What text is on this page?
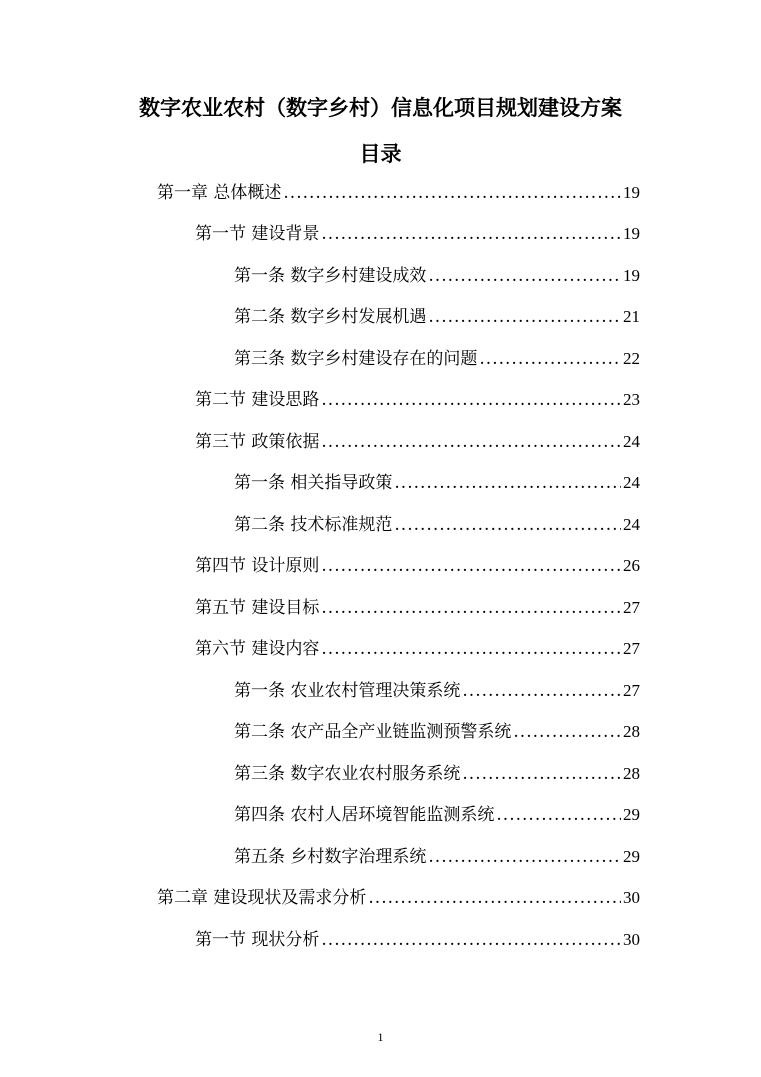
数字农业农村（数字乡村）信息化项目规划建设方案
目录
第一章 总体概述 .....	19
第一节 建设背景 .....	19
第一条 数字乡村建设成效 .....	19
第二条 数字乡村发展机遇 .....	21
第三条 数字乡村建设存在的问题 .....	22
第二节 建设思路 .....	23
第三节 政策依据 .....	24
第一条 相关指导政策 .....	24
第二条 技术标准规范 .....	24
第四节 设计原则 .....	26
第五节 建设目标 .....	27
第六节 建设内容 .....	27
第一条 农业农村管理决策系统 .....	27
第二条 农产品全产业链监测预警系统 .....	28
第三条 数字农业农村服务系统 .....	28
第四条 农村人居环境智能监测系统 .....	29
第五条 乡村数字治理系统 .....	29
第二章 建设现状及需求分析 .....	30
第一节 现状分析 .....	30
1
